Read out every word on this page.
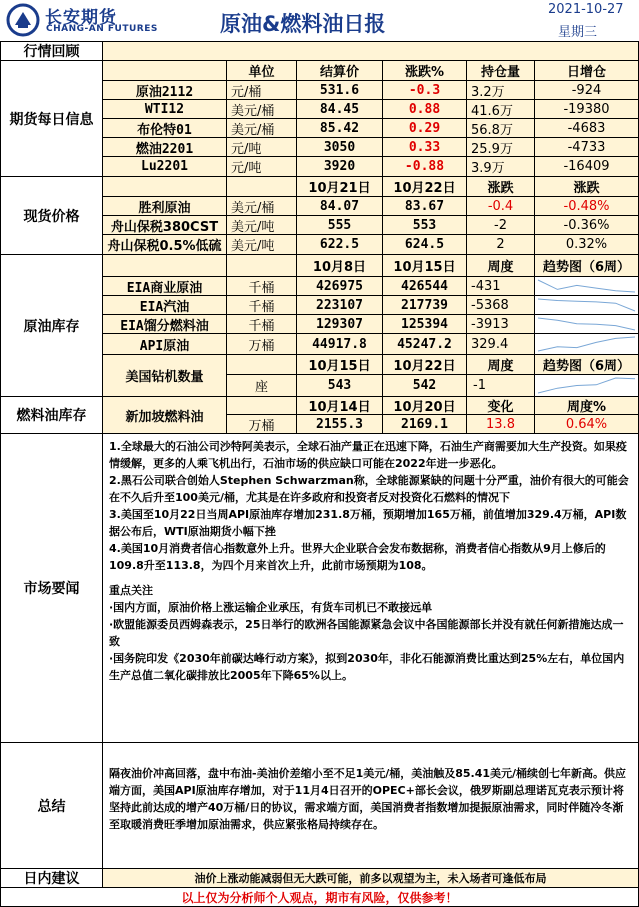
长安期货
CHANG-AN FUTURES	原油&燃料油日报
2021-10-27
星期三
行情回顾
期货每日信息
单位	结算价	涨跌%	持仓量	日增仓
现货价格
10月21日	10月22日	涨跌	涨跌
原油库存
10月8日	10月15日	周度	趋势图（6周）
美国钻机数量
10月15日	10月22日	周度	趋势图（6周）
座	543	542	-1
燃料油库存	新加坡燃料油
10月14日	10月20日	变化	周度%
万桶	2155.3	2169.1	13.8	0.64%
市场要闻

1.全球最大的石油公司沙特阿美表示，全球石油产量正在迅速下降，石油生产商需要加大生产投资。如果疫情缓解，更多的人乘飞机出行，石油市场的供应缺口可能在2022年进一步恶化。

2.黑石公司联合创始人Stephen Schwarzman称，全球能源紧缺的问题十分严重，油价有很大的可能会在不久后升至100美元/桶，尤其是在许多政府和投资者反对投资化石燃料的情况下

3.美国至10月22日当周API原油库存增加231.8万桶，预期增加165万桶，前值增加329.4万桶，API数据公布后，WTI原油期货小幅下挫

4.美国10月消费者信心指数意外上升。世界大企业联合会发布数据称，消费者信心指数从9月上修后的109.8升至113.8，为四个月来首次上升，此前市场预期为108。

重点关注

·国内方面，原油价格上涨运输企业承压，有货车司机已不敢接远单

·欧盟能源委员西姆森表示，25日举行的欧洲各国能源紧急会议中各国能源部长并没有就任何新措施达成一致

·国务院印发《2030年前碳达峰行动方案》，拟到2030年，非化石能源消费比重达到25%左右，单位国内生产总值二氧化碳排放比2005年下降65%以上。

总结
隔夜油价冲高回落，盘中布油-美油价差缩小至不足1美元/桶，美油触及85.41美元/桶续创七年新高。供应端方面，美国API原油库存增加，对于11月4日召开的OPEC+部长会议，俄罗斯副总理诺瓦克表示预计将坚持此前达成的增产40万桶/日的协议，需求端方面，美国消费者指数增加提振原油需求，同时伴随冷冬渐至取暖消费旺季增加原油需求，供应紧张格局持续存在。
日内建议	油价上涨动能减弱但无大跌可能，前多以观望为主，未入场者可逢低布局
以上仅为分析师个人观点，期市有风险，仅供参考！
原油2112	元/桶	531.6	-0.3	3.2万	-924
WTI12	美元/桶	84.45	0.88	41.6万	-19380
布伦特01	美元/桶	85.42	0.29	56.8万	-4683
燃油2201	元/吨	3050	0.33	25.9万	-4733
Lu2201	元/吨	3920	-0.88	3.9万	-16409
胜利原油	美元/桶	84.07	83.67	-0.4	-0.48%
舟山保税380CST 美元/吨	555	553	-2	-0.36%
舟山保税0.5%低硫 美元/吨	622.5	624.5	2	0.32%
EIA商业原油	千桶	426975	426544	-431
EIA汽油	千桶	223107	217739	-5368
EIA馏分燃料油	千桶	129307	125394	-3913
API原油	万桶	44917.8	45247.2	329.4
